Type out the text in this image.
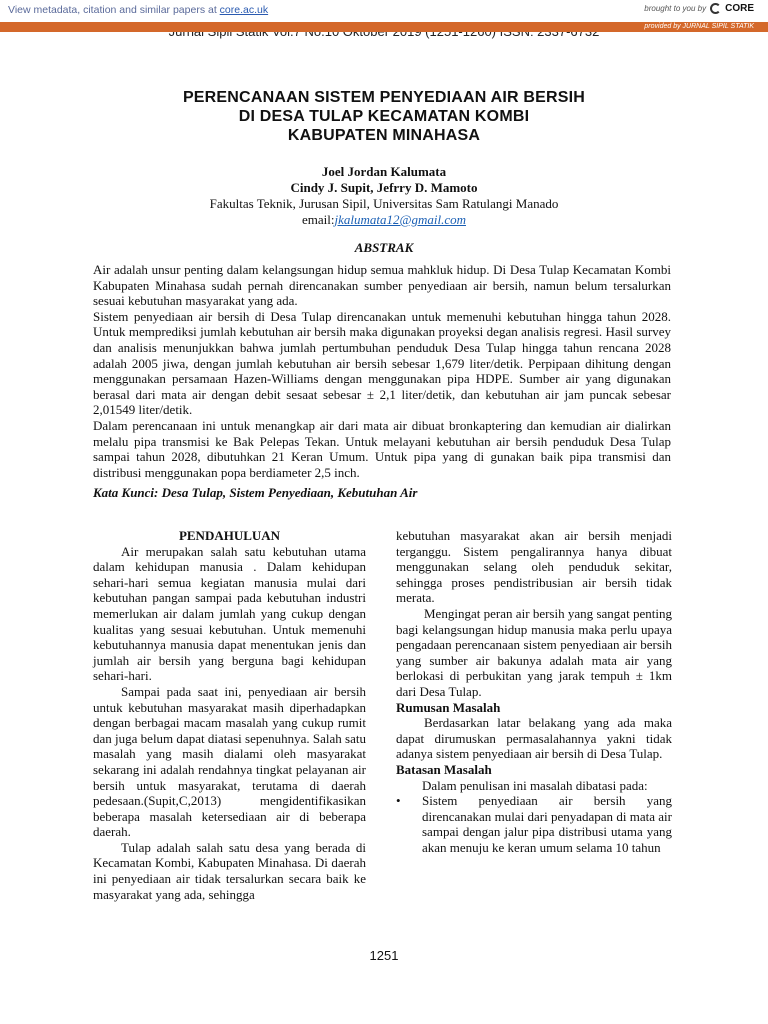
View metadata, citation and similar papers at core.ac.uk	brought to you by CORE
provided by JURNAL SIPIL STATIK
PERENCANAAN SISTEM PENYEDIAAN AIR BERSIH
DI DESA TULAP KECAMATAN KOMBI
KABUPATEN MINAHASA
Joel Jordan Kalumata
Cindy J. Supit, Jefrry D. Mamoto
Fakultas Teknik, Jurusan Sipil, Universitas Sam Ratulangi Manado
email:jkalumata12@gmail.com
ABSTRAK

Air adalah unsur penting dalam kelangsungan hidup semua mahkluk hidup. Di Desa Tulap Kecamatan Kombi Kabupaten Minahasa sudah pernah direncanakan sumber penyediaan air bersih, namun belum tersalurkan sesuai kebutuhan masyarakat yang ada.

Sistem penyediaan air bersih di Desa Tulap direncanakan untuk memenuhi kebutuhan hingga tahun 2028. Untuk memprediksi jumlah kebutuhan air bersih maka digunakan proyeksi degan analisis regresi. Hasil survey dan analisis menunjukkan bahwa jumlah pertumbuhan penduduk Desa Tulap hingga tahun rencana 2028 adalah 2005 jiwa, dengan jumlah kebutuhan air bersih sebesar 1,679 liter/detik. Perpipaan dihitung dengan menggunakan persamaan Hazen-Williams dengan menggunakan pipa HDPE. Sumber air yang digunakan berasal dari mata air dengan debit sesaat sebesar ± 2,1 liter/detik, dan kebutuhan air jam puncak sebesar 2,01549 liter/detik.

Dalam perencanaan ini untuk menangkap air dari mata air dibuat bronkaptering dan kemudian air dialirkan melalu pipa transmisi ke Bak Pelepas Tekan. Untuk melayani kebutuhan air bersih penduduk Desa Tulap sampai tahun 2028, dibutuhkan 21 Keran Umum. Untuk pipa yang di gunakan baik pipa transmisi dan distribusi menggunakan popa berdiameter 2,5 inch.

Kata Kunci: Desa Tulap, Sistem Penyediaan, Kebutuhan Air

PENDAHULUAN

Air merupakan salah satu kebutuhan utama dalam kehidupan manusia . Dalam kehidupan sehari-hari semua kegiatan manusia mulai dari kebutuhan pangan sampai pada kebutuhan industri memerlukan air dalam jumlah yang cukup dengan kualitas yang sesuai kebutuhan. Untuk memenuhi kebutuhannya manusia dapat menentukan jenis dan jumlah air bersih yang berguna bagi kehidupan sehari-hari.

Sampai pada saat ini, penyediaan air bersih untuk kebutuhan masyarakat masih diperhadapkan dengan berbagai macam masalah yang cukup rumit dan juga belum dapat diatasi sepenuhnya. Salah satu masalah yang masih dialami oleh masyarakat sekarang ini adalah rendahnya tingkat pelayanan air bersih untuk masyarakat, terutama di daerah pedesaan.(Supit,C,2013) mengidentifikasikan beberapa masalah ketersediaan air di beberapa daerah.

Tulap adalah salah satu desa yang berada di Kecamatan Kombi, Kabupaten Minahasa. Di daerah ini penyediaan air tidak tersalurkan secara baik ke masyarakat yang ada, sehingga

kebutuhan masyarakat akan air bersih menjadi terganggu. Sistem pengalirannya hanya dibuat menggunakan selang oleh penduduk sekitar, sehingga proses pendistribusian air bersih tidak merata.

Mengingat peran air bersih yang sangat penting bagi kelangsungan hidup manusia maka perlu upaya pengadaan perencanaan sistem penyediaan air bersih yang sumber air bakunya adalah mata air yang berlokasi di perbukitan yang jarak tempuh ± 1km dari Desa Tulap.

Rumusan Masalah

Berdasarkan latar belakang yang ada maka dapat dirumuskan permasalahannya yakni tidak adanya sistem penyediaan air bersih di Desa Tulap.

Batasan Masalah

Dalam penulisan ini masalah dibatasi pada:

•	Sistem penyediaan air bersih yang direncanakan mulai dari penyadapan di mata air sampai dengan jalur pipa distribusi utama yang akan menuju ke keran umum selama 10 tahun
1251
